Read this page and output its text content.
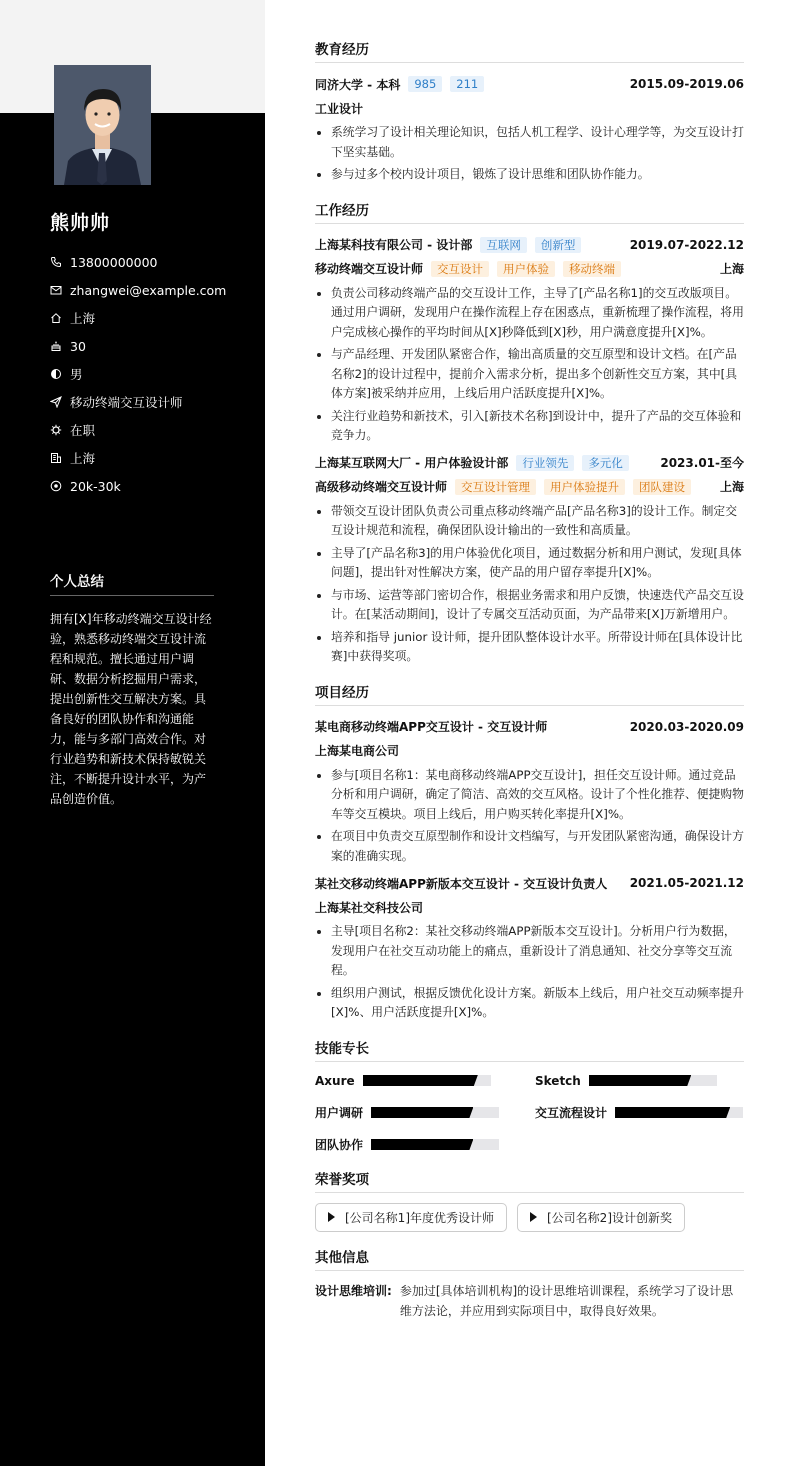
熊帅帅
13800000000
zhangwei@example.com
上海
30
男
移动终端交互设计师
在职
上海
20k-30k
个人总结
拥有[X]年移动终端交互设计经验，熟悉移动终端交互设计流程和规范。擅长通过用户调研、数据分析挖掘用户需求，提出创新性交互解决方案。具备良好的团队协作和沟通能力，能与多部门高效合作。对行业趋势和新技术保持敏锐关注，不断提升设计水平，为产品创造价值。
教育经历
同济大学 - 本科	985	211	2015.09-2019.06
工业设计
系统学习了设计相关理论知识，包括人机工程学、设计心理学等，为交互设计打下坚实基础。
参与过多个校内设计项目，锻炼了设计思维和团队协作能力。
工作经历
上海某科技有限公司 - 设计部	互联网	创新型	2019.07-2022.12
移动终端交互设计师	交互设计	用户体验	移动终端	上海
负责公司移动终端产品的交互设计工作，主导了[产品名称1]的交互改版项目。通过用户调研，发现用户在操作流程上存在困惑点，重新梳理了操作流程，将用户完成核心操作的平均时间从[X]秒降低到[X]秒，用户满意度提升[X]%。
与产品经理、开发团队紧密合作，输出高质量的交互原型和设计文档。在[产品名称2]的设计过程中，提前介入需求分析，提出多个创新性交互方案，其中[具体方案]被采纳并应用，上线后用户活跃度提升[X]%。
关注行业趋势和新技术，引入[新技术名称]到设计中，提升了产品的交互体验和竞争力。
上海某互联网大厂 - 用户体验设计部	行业领先	多元化	2023.01-至今
高级移动终端交互设计师	交互设计管理	用户体验提升	团队建设	上海
带领交互设计团队负责公司重点移动终端产品[产品名称3]的设计工作。制定交互设计规范和流程，确保团队设计输出的一致性和高质量。
主导了[产品名称3]的用户体验优化项目，通过数据分析和用户测试，发现[具体问题]，提出针对性解决方案，使产品的用户留存率提升[X]%。
与市场、运营等部门密切合作，根据业务需求和用户反馈，快速迭代产品交互设计。在[某活动期间]，设计了专属交互活动页面，为产品带来[X]万新增用户。
培养和指导 junior 设计师，提升团队整体设计水平。所带设计师在[具体设计比赛]中获得奖项。
项目经历
某电商移动终端APP交互设计 - 交互设计师	2020.03-2020.09
上海某电商公司
参与[项目名称1：某电商移动终端APP交互设计]，担任交互设计师。通过竞品分析和用户调研，确定了简洁、高效的交互风格。设计了个性化推荐、便捷购物车等交互模块。项目上线后，用户购买转化率提升[X]%。
在项目中负责交互原型制作和设计文档编写，与开发团队紧密沟通，确保设计方案的准确实现。
某社交移动终端APP新版本交互设计 - 交互设计负责人 2021.05-2021.12
上海某社交科技公司
主导[项目名称2：某社交移动终端APP新版本交互设计]。分析用户行为数据，发现用户在社交互动功能上的痛点，重新设计了消息通知、社交分享等交互流程。
组织用户测试，根据反馈优化设计方案。新版本上线后，用户社交互动频率提升[X]%、用户活跃度提升[X]%。
技能专长
Axure	Sketch
用户调研	交互流程设计
团队协作
荣誉奖项
[公司名称1]年度优秀设计师	[公司名称2]设计创新奖
其他信息
设计思维培训: 参加过[具体培训机构]的设计思维培训课程，系统学习了设计思维方法论，并应用到实际项目中，取得良好效果。
